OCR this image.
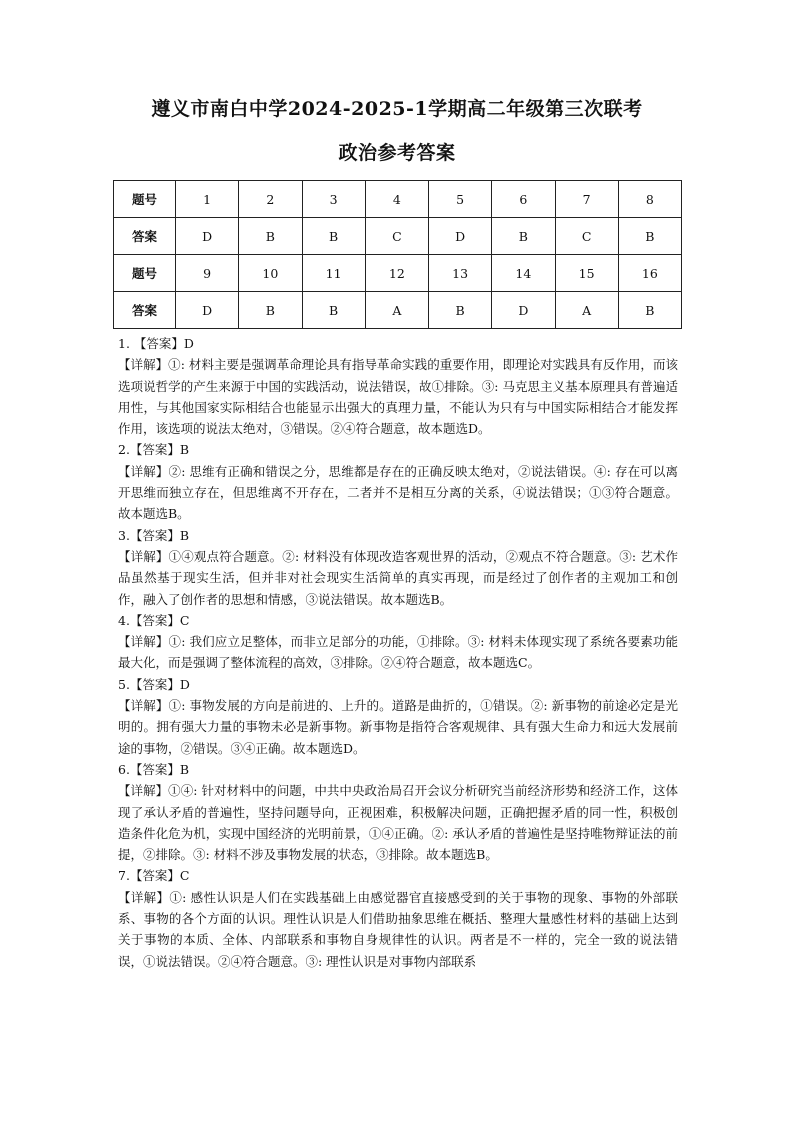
遵义市南白中学2024-2025-1学期高二年级第三次联考
政治参考答案
题号	1	2	3	4	5	6	7	8
答案	D	B	B	C	D	B	C	B
题号	9	10	11	12	13	14	15	16
答案	D	B	B	A	B	D	A	B

1. 【答案】D

【详解】①: 材料主要是强调革命理论具有指导革命实践的重要作用，即理论对实践具有反作用，而该选项说哲学的产生来源于中国的实践活动，说法错误，故①排除。③: 马克思主义基本原理具有普遍适用性，与其他国家实际相结合也能显示出强大的真理力量，不能认为只有与中国实际相结合才能发挥作用，该选项的说法太绝对，③错误。②④符合题意，故本题选D。

2.【答案】B

【详解】②: 思维有正确和错误之分，思维都是存在的正确反映太绝对，②说法错误。④: 存在可以离开思维而独立存在，但思维离不开存在，二者并不是相互分离的关系，④说法错误；①③符合题意。故本题选B。

3.【答案】B

【详解】①④观点符合题意。②: 材料没有体现改造客观世界的活动，②观点不符合题意。③: 艺术作品虽然基于现实生活，但并非对社会现实生活简单的真实再现，而是经过了创作者的主观加工和创作，融入了创作者的思想和情感，③说法错误。故本题选B。

4.【答案】C

【详解】①: 我们应立足整体，而非立足部分的功能，①排除。③: 材料未体现实现了系统各要素功能最大化，而是强调了整体流程的高效，③排除。②④符合题意，故本题选C。

5.【答案】D

【详解】①: 事物发展的方向是前进的、上升的。道路是曲折的，①错误。②: 新事物的前途必定是光明的。拥有强大力量的事物未必是新事物。新事物是指符合客观规律、具有强大生命力和远大发展前途的事物，②错误。③④正确。故本题选D。

6.【答案】B

【详解】①④: 针对材料中的问题，中共中央政治局召开会议分析研究当前经济形势和经济工作，这体现了承认矛盾的普遍性，坚持问题导向，正视困难，积极解决问题，正确把握矛盾的同一性，积极创造条件化危为机，实现中国经济的光明前景，①④正确。②: 承认矛盾的普遍性是坚持唯物辩证法的前提，②排除。③: 材料不涉及事物发展的状态，③排除。故本题选B。

7.【答案】C

【详解】①: 感性认识是人们在实践基础上由感觉器官直接感受到的关于事物的现象、事物的外部联系、事物的各个方面的认识。理性认识是人们借助抽象思维在概括、整理大量感性材料的基础上达到关于事物的本质、全体、内部联系和事物自身规律性的认识。两者是不一样的，完全一致的说法错误，①说法错误。②④符合题意。③: 理性认识是对事物内部联系
